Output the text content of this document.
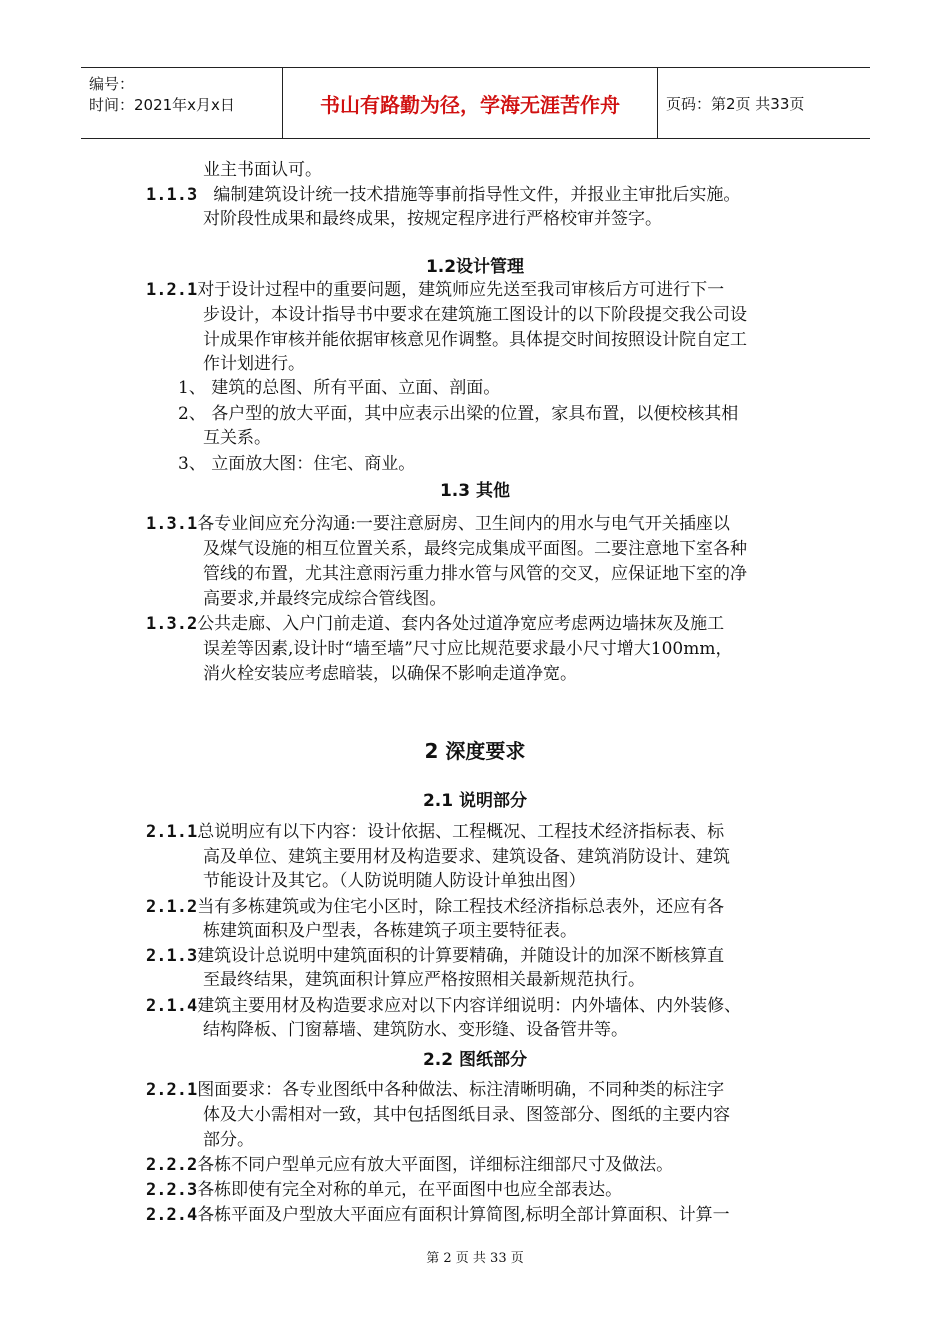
编号：
时间：2021年x月x日	书山有路勤为径，学海无涯苦作舟	页码：第2页 共33页
业主书面认可。
1.1.3 编制建筑设计统一技术措施等事前指导性文件，并报业主审批后实施。
对阶段性成果和最终成果，按规定程序进行严格校审并签字。
1.2设计管理
1.2.1对于设计过程中的重要问题，建筑师应先送至我司审核后方可进行下一
步设计，本设计指导书中要求在建筑施工图设计的以下阶段提交我公司设
计成果作审核并能依据审核意见作调整。具体提交时间按照设计院自定工
作计划进行。
1、 建筑的总图、所有平面、立面、剖面。
2、 各户型的放大平面，其中应表示出梁的位置，家具布置，以便校核其相
互关系。
3、 立面放大图：住宅、商业。
1.3 其他
1.3.1各专业间应充分沟通:一要注意厨房、卫生间内的用水与电气开关插座以
及煤气设施的相互位置关系，最终完成集成平面图。二要注意地下室各种
管线的布置，尤其注意雨污重力排水管与风管的交叉，应保证地下室的净
高要求,并最终完成综合管线图。
1.3.2公共走廊、入户门前走道、套内各处过道净宽应考虑两边墙抹灰及施工
误差等因素,设计时“墙至墙”尺寸应比规范要求最小尺寸增大100mm，
消火栓安装应考虑暗装，以确保不影响走道净宽。
2 深度要求
2.1 说明部分
2.1.1总说明应有以下内容：设计依据、工程概况、工程技术经济指标表、标
高及单位、建筑主要用材及构造要求、建筑设备、建筑消防设计、建筑
节能设计及其它。（人防说明随人防设计单独出图）
2.1.2当有多栋建筑或为住宅小区时，除工程技术经济指标总表外，还应有各
栋建筑面积及户型表，各栋建筑子项主要特征表。
2.1.3建筑设计总说明中建筑面积的计算要精确，并随设计的加深不断核算直
至最终结果，建筑面积计算应严格按照相关最新规范执行。
2.1.4建筑主要用材及构造要求应对以下内容详细说明：内外墙体、内外装修、
结构降板、门窗幕墙、建筑防水、变形缝、设备管井等。
2.2 图纸部分
2.2.1图面要求：各专业图纸中各种做法、标注清晰明确，不同种类的标注字
体及大小需相对一致，其中包括图纸目录、图签部分、图纸的主要内容
部分。
2.2.2各栋不同户型单元应有放大平面图，详细标注细部尺寸及做法。
2.2.3各栋即使有完全对称的单元，在平面图中也应全部表达。
2.2.4各栋平面及户型放大平面应有面积计算简图,标明全部计算面积、计算一
第 2 页 共 33 页
